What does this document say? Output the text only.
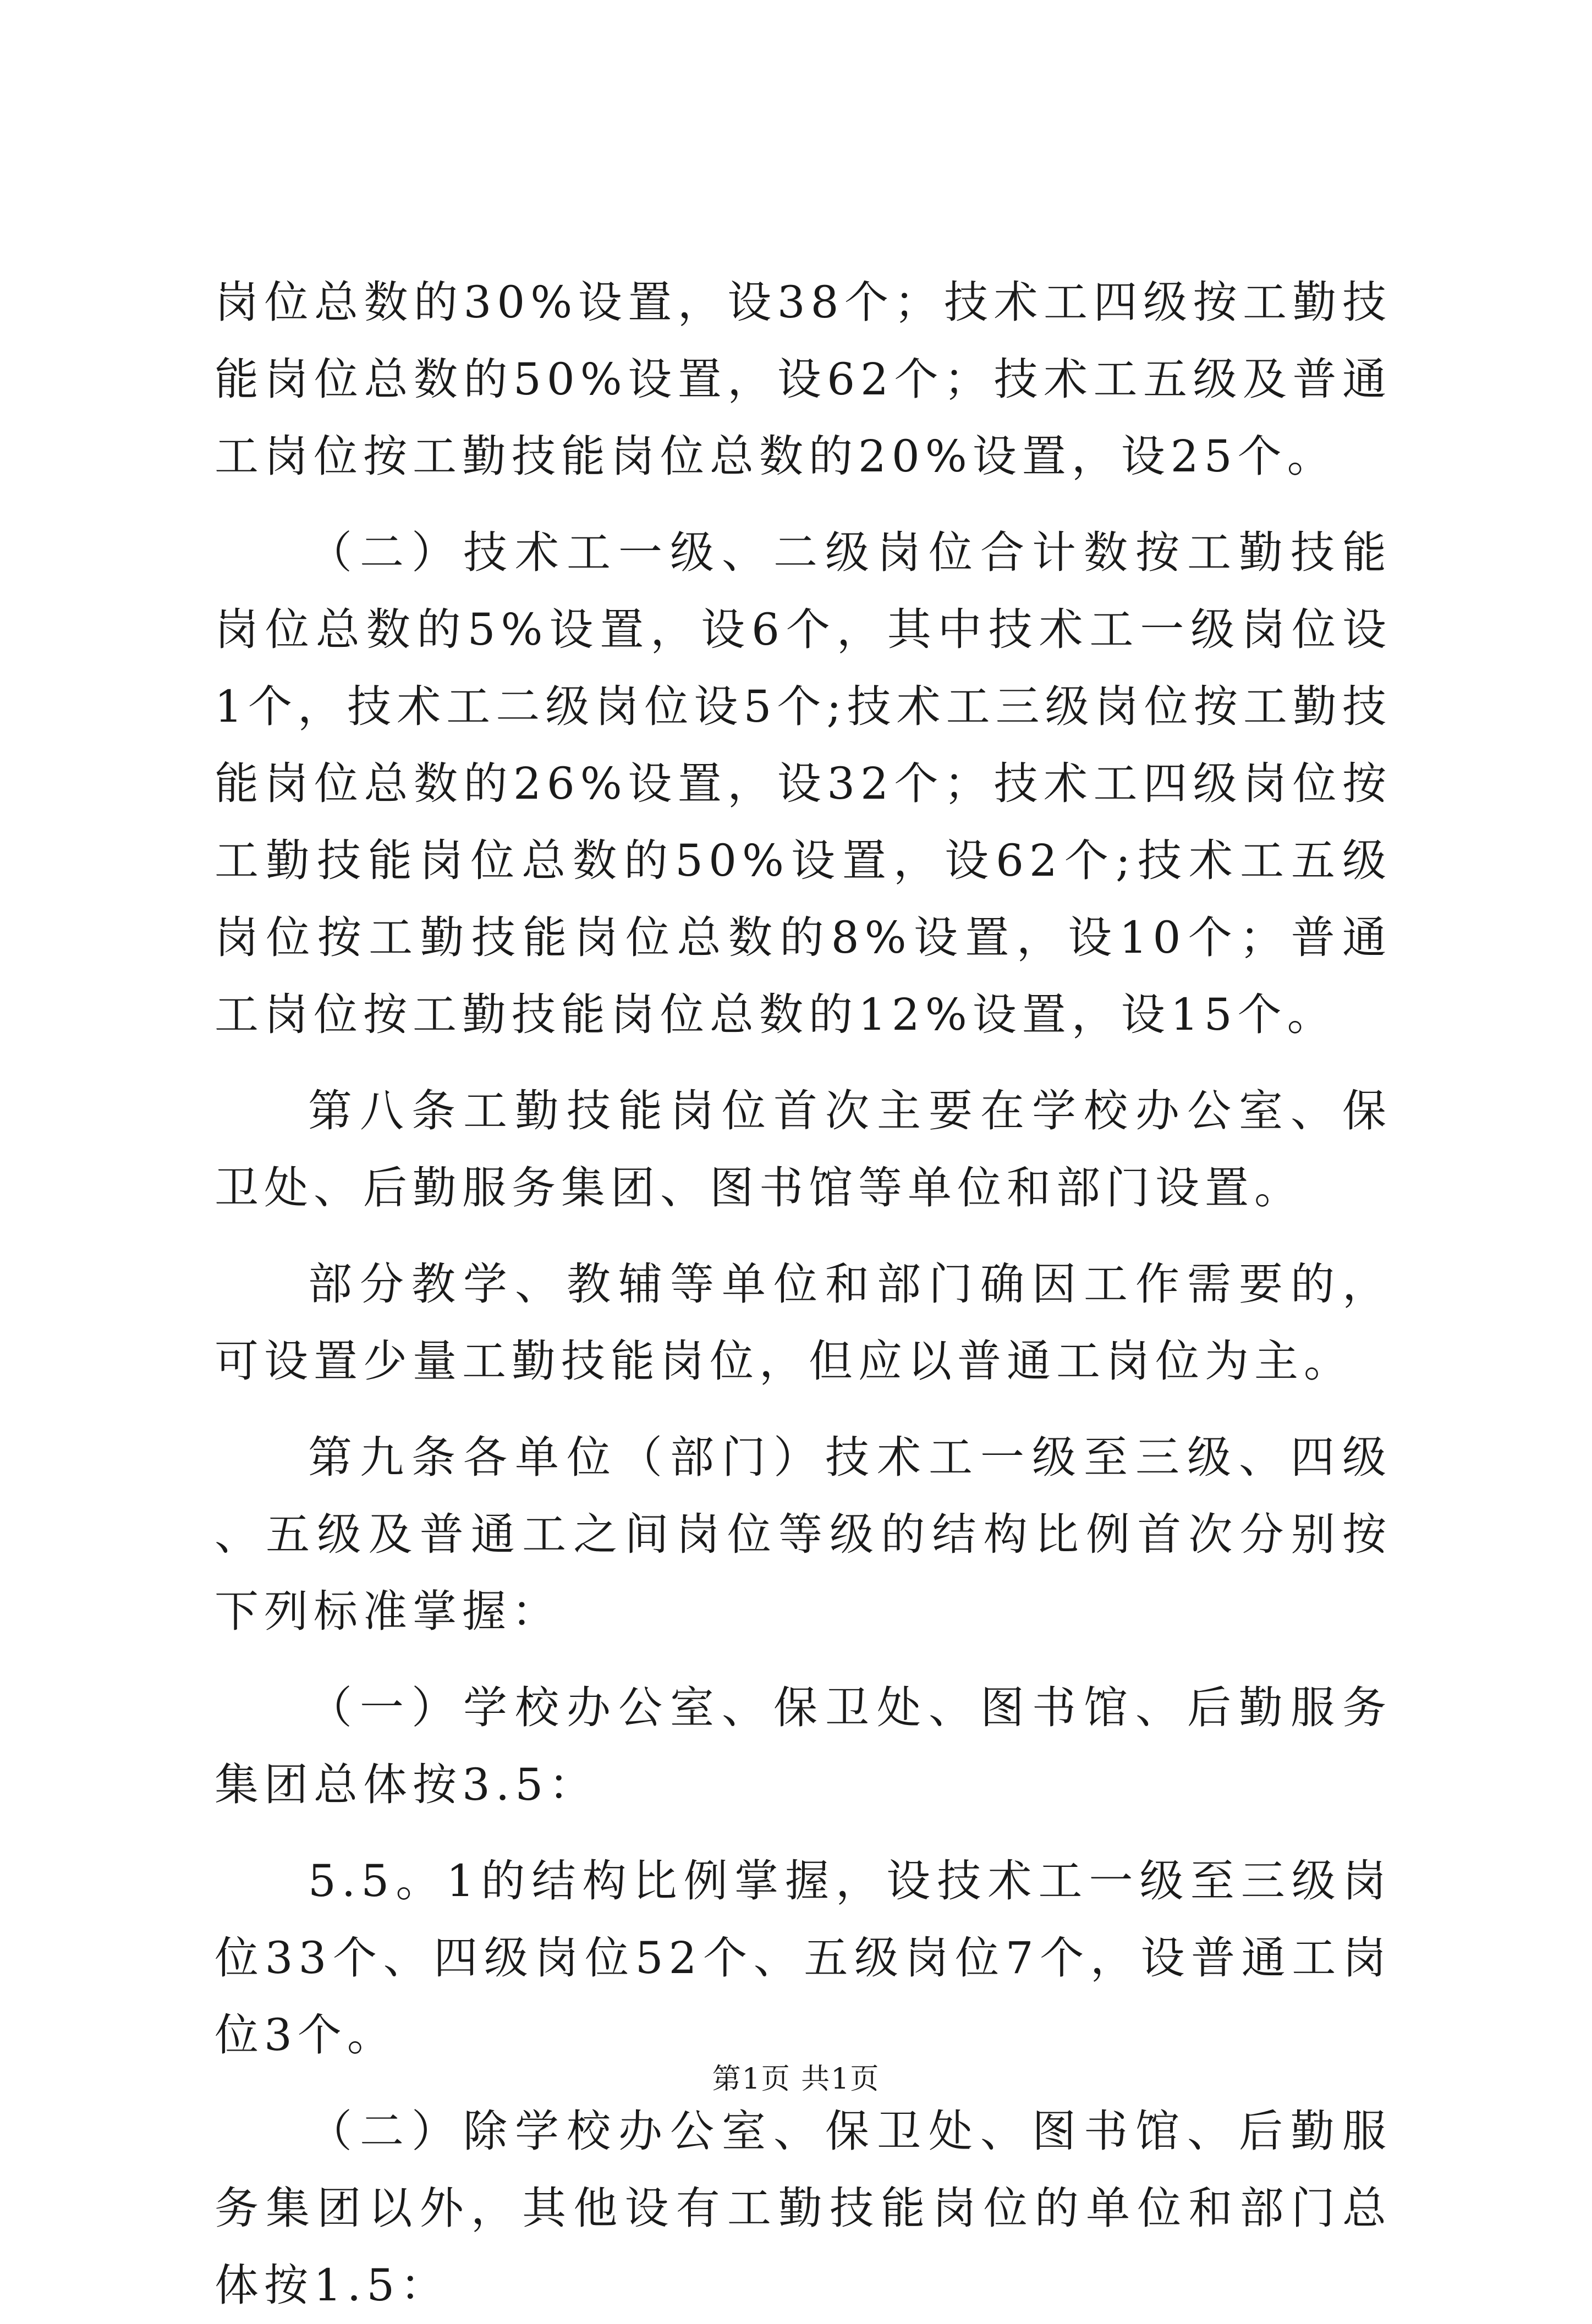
岗位总数的30%设置，设38个；技术工四级按工勤技能岗位总数的50%设置，设62个；技术工五级及普通工岗位按工勤技能岗位总数的20%设置，设25个。

（二）技术工一级、二级岗位合计数按工勤技能岗位总数的5%设置，设6个，其中技术工一级岗位设1个，技术工二级岗位设5个;技术工三级岗位按工勤技能岗位总数的26%设置，设32个；技术工四级岗位按工勤技能岗位总数的50%设置，设62个;技术工五级岗位按工勤技能岗位总数的8%设置，设10个；普通工岗位按工勤技能岗位总数的12%设置，设15个。

第八条工勤技能岗位首次主要在学校办公室、保卫处、后勤服务集团、图书馆等单位和部门设置。

部分教学、教辅等单位和部门确因工作需要的，可设置少量工勤技能岗位，但应以普通工岗位为主。

第九条各单位（部门）技术工一级至三级、四级、五级及普通工之间岗位等级的结构比例首次分别按下列标准掌握：

（一）学校办公室、保卫处、图书馆、后勤服务集团总体按3.5：

5.5。1的结构比例掌握，设技术工一级至三级岗位33个、四级岗位52个、五级岗位7个，设普通工岗位3个。

（二）除学校办公室、保卫处、图书馆、后勤服务集团以外，其他设有工勤技能岗位的单位和部门总体按1.5：

第1页 共1页
